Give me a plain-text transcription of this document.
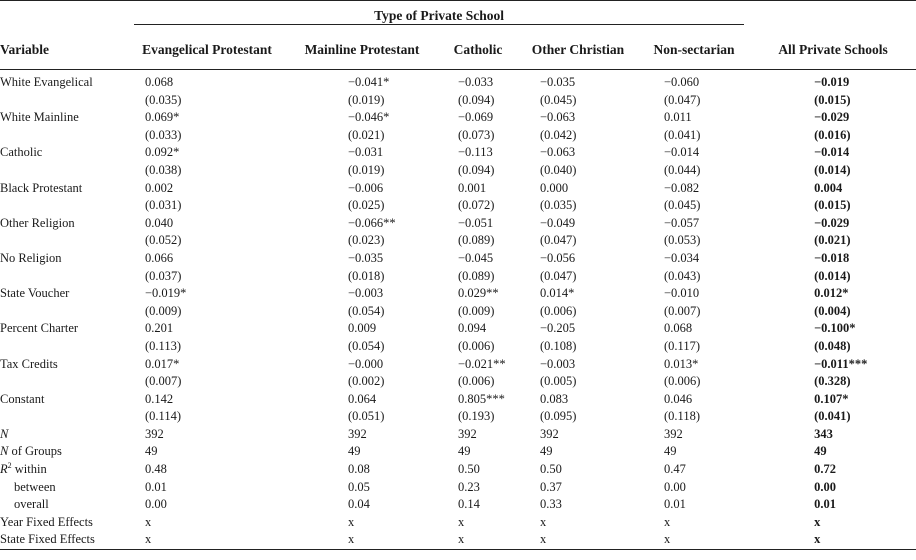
	Type of Private School					

Variable	Evangelical Protestant	Mainline Protestant	Catholic	Other Christian	Non-sectarian	All Private Schools

White Evangelical	0.068	−0.041*	−0.033	−0.035	−0.060	−0.019
	(0.035)	(0.019)	(0.094)	(0.045)	(0.047)	(0.015)
White Mainline	0.069*	−0.046*	−0.069	−0.063	0.011	−0.029
	(0.033)	(0.021)	(0.073)	(0.042)	(0.041)	(0.016)
Catholic	0.092*	−0.031	−0.113	−0.063	−0.014	−0.014
	(0.038)	(0.019)	(0.094)	(0.040)	(0.044)	(0.014)
Black Protestant	0.002	−0.006	0.001	0.000	−0.082	0.004
	(0.031)	(0.025)	(0.072)	(0.035)	(0.045)	(0.015)
Other Religion	0.040	−0.066**	−0.051	−0.049	−0.057	−0.029
	(0.052)	(0.023)	(0.089)	(0.047)	(0.053)	(0.021)
No Religion	0.066	−0.035	−0.045	−0.056	−0.034	−0.018
	(0.037)	(0.018)	(0.089)	(0.047)	(0.043)	(0.014)
State Voucher	−0.019*	−0.003	0.029**	0.014*	−0.010	0.012*
	(0.009)	(0.054)	(0.009)	(0.006)	(0.007)	(0.004)
Percent Charter	0.201	0.009	0.094	−0.205	0.068	−0.100*
	(0.113)	(0.054)	(0.006)	(0.108)	(0.117)	(0.048)
Tax Credits	0.017*	−0.000	−0.021**	−0.003	0.013*	−0.011***
	(0.007)	(0.002)	(0.006)	(0.005)	(0.006)	(0.328)
Constant	0.142	0.064	0.805***	0.083	0.046	0.107*
	(0.114)	(0.051)	(0.193)	(0.095)	(0.118)	(0.041)
N	392	392	392	392	392	343
N of Groups	49	49	49	49	49	49
$R^2$ within	0.48	0.08	0.50	0.50	0.47	0.72
between	0.01	0.05	0.23	0.37	0.00	0.00
overall	0.00	0.04	0.14	0.33	0.01	0.01
Year Fixed Effects	x	x	x	x	x	x
State Fixed Effects	x	x	x	x	x	x
